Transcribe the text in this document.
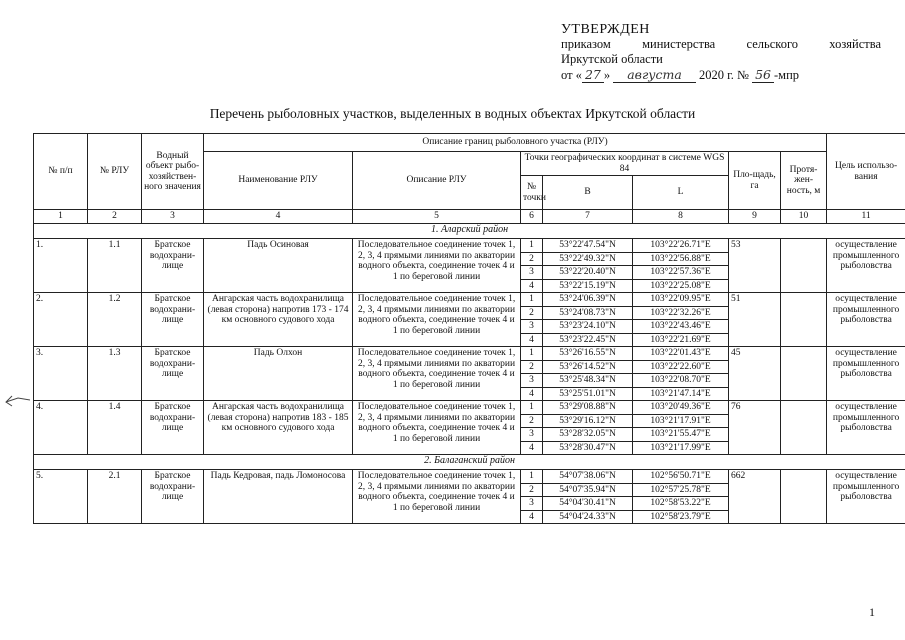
УТВЕРЖДЕН
приказом	министерства	сельского	хозяйства
Иркутской области
от « 27 » августа 2020 г. № 56 -мпр
Перечень рыболовных участков, выделенных в водных объектах Иркутской области
№ п/п	№ РЛУ	Водный объект рыбо-хозяйствен-ного значения	Описание границ рыболовного участка (РЛУ)							Цель использо-вания
			Наименование РЛУ	Описание РЛУ	Точки географических координат в системе WGS 84			Пло-щадь, га	Протя-жен-ность, м	
					№ точки	B	L			
1	2	3	4	5	6	7	8	9	10	11
1. Аларский район										
1.	1.1	Братское водохрани-лище	Падь Осиновая	Последовательное соединение точек 1, 2, 3, 4 прямыми линиями по акватории водного объекта, соединение точек 4 и 1 по береговой линии	1	53°22'47.54"N	103°22'26.71"E	53		осуществление промышленного рыболовства
					2	53°22'49.32"N	103°22'56.88"E			
					3	53°22'20.40"N	103°22'57.36"E			
					4	53°22'15.19"N	103°22'25.08"E			
2.	1.2	Братское водохрани-лище	Ангарская часть водохранилища (левая сторона) напротив 173 - 174 км основного судового хода	Последовательное соединение точек 1, 2, 3, 4 прямыми линиями по акватории водного объекта, соединение точек 4 и 1 по береговой линии	1	53°24'06.39"N	103°22'09.95"E	51		осуществление промышленного рыболовства
					2	53°24'08.73"N	103°22'32.26"E			
					3	53°23'24.10"N	103°22'43.46"E			
					4	53°23'22.45"N	103°22'21.69"E			
3.	1.3	Братское водохрани-лище	Падь Олхон	Последовательное соединение точек 1, 2, 3, 4 прямыми линиями по акватории водного объекта, соединение точек 4 и 1 по береговой линии	1	53°26'16.55"N	103°22'01.43"E	45		осуществление промышленного рыболовства
					2	53°26'14.52"N	103°22'22.60"E			
					3	53°25'48.34"N	103°22'08.70"E			
					4	53°25'51.01"N	103°21'47.14"E			
4.	1.4	Братское водохрани-лище	Ангарская часть водохранилища (левая сторона) напротив 183 - 185 км основного судового хода	Последовательное соединение точек 1, 2, 3, 4 прямыми линиями по акватории водного объекта, соединение точек 4 и 1 по береговой линии	1	53°29'08.88"N	103°20'49.36"E	76		осуществление промышленного рыболовства
					2	53°29'16.12"N	103°21'17.91"E			
					3	53°28'32.05"N	103°21'55.47"E			
					4	53°28'30.47"N	103°21'17.99"E			
2. Балаганский район										
5.	2.1	Братское водохрани-лище	Падь Кедровая, падь Ломоносова	Последовательное соединение точек 1, 2, 3, 4 прямыми линиями по акватории водного объекта, соединение точек 4 и 1 по береговой линии	1	54°07'38.06"N	102°56'50.71"E	662		осуществление промышленного рыболовства
					2	54°07'35.94"N	102°57'25.78"E			
					3	54°04'30.41"N	102°58'53.22"E			
					4	54°04'24.33"N	102°58'23.79"E			
1
